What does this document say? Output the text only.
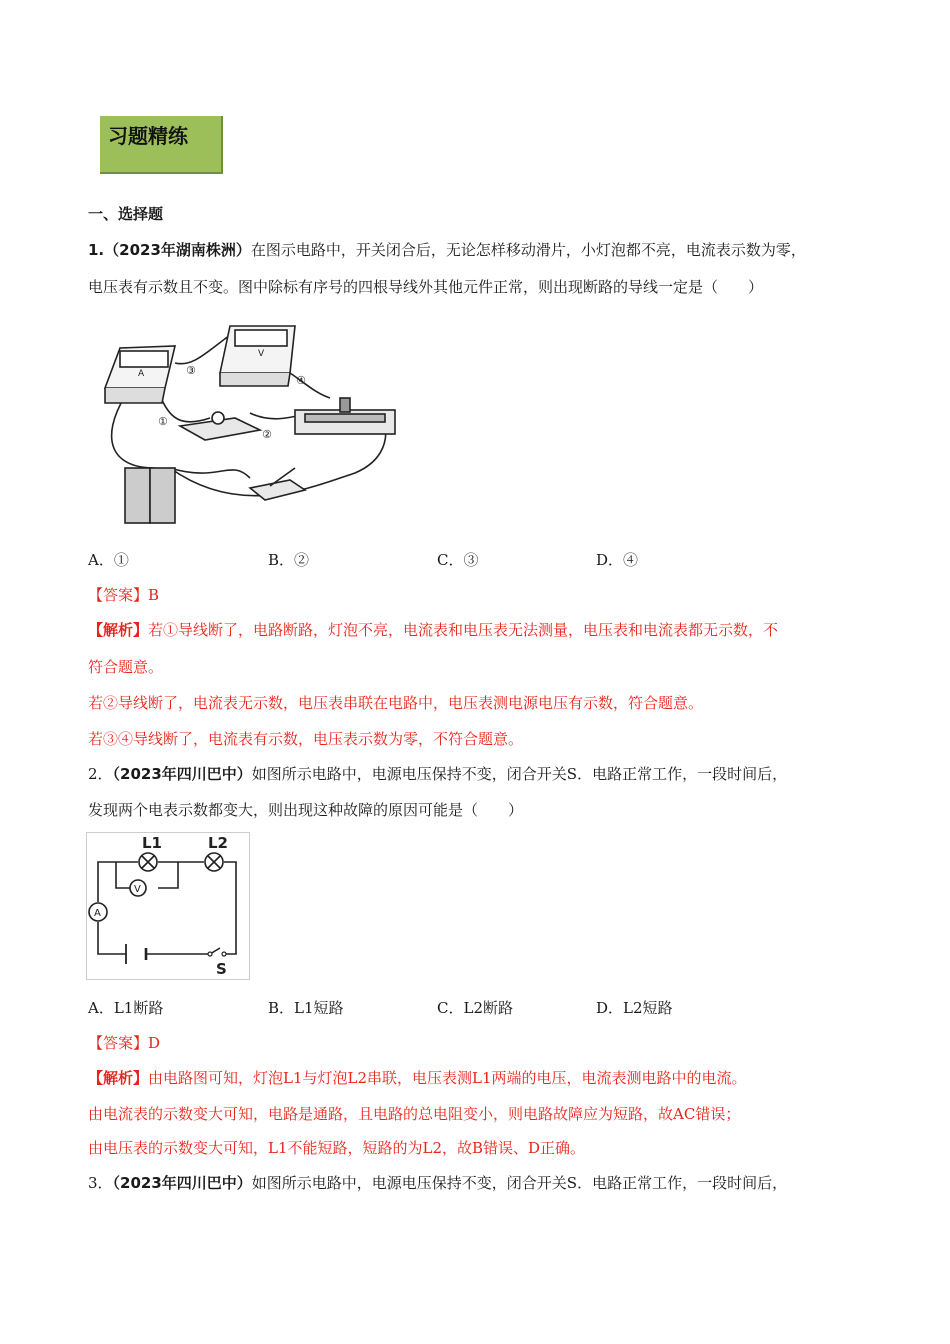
习题精练
一、选择题
1.（2023年湖南株洲）在图示电路中，开关闭合后，无论怎样移动滑片，小灯泡都不亮，电流表示数为零，
电压表有示数且不变。图中除标有序号的四根导线外其他元件正常，则出现断路的导线一定是（　　）
A
V
①
②
③
④
A．①	B．②	C．③	D．④
【答案】B
【解析】若①导线断了，电路断路，灯泡不亮，电流表和电压表无法测量，电压表和电流表都无示数，不
符合题意。
若②导线断了，电流表无示数，电压表串联在电路中，电压表测电源电压有示数，符合题意。
若③④导线断了，电流表有示数，电压表示数为零，不符合题意。
2．（2023年四川巴中）如图所示电路中，电源电压保持不变，闭合开关S．电路正常工作，一段时间后，
发现两个电表示数都变大，则出现这种故障的原因可能是（　　）
L1	L2
V
A
S
A．L1断路	B．L1短路	C．L2断路	D．L2短路
【答案】D
【解析】由电路图可知，灯泡L1与灯泡L2串联，电压表测L1两端的电压，电流表测电路中的电流。
由电流表的示数变大可知，电路是通路，且电路的总电阻变小，则电路故障应为短路，故AC错误；
由电压表的示数变大可知，L1不能短路，短路的为L2，故B错误、D正确。
3．（2023年四川巴中）如图所示电路中，电源电压保持不变，闭合开关S．电路正常工作，一段时间后，
